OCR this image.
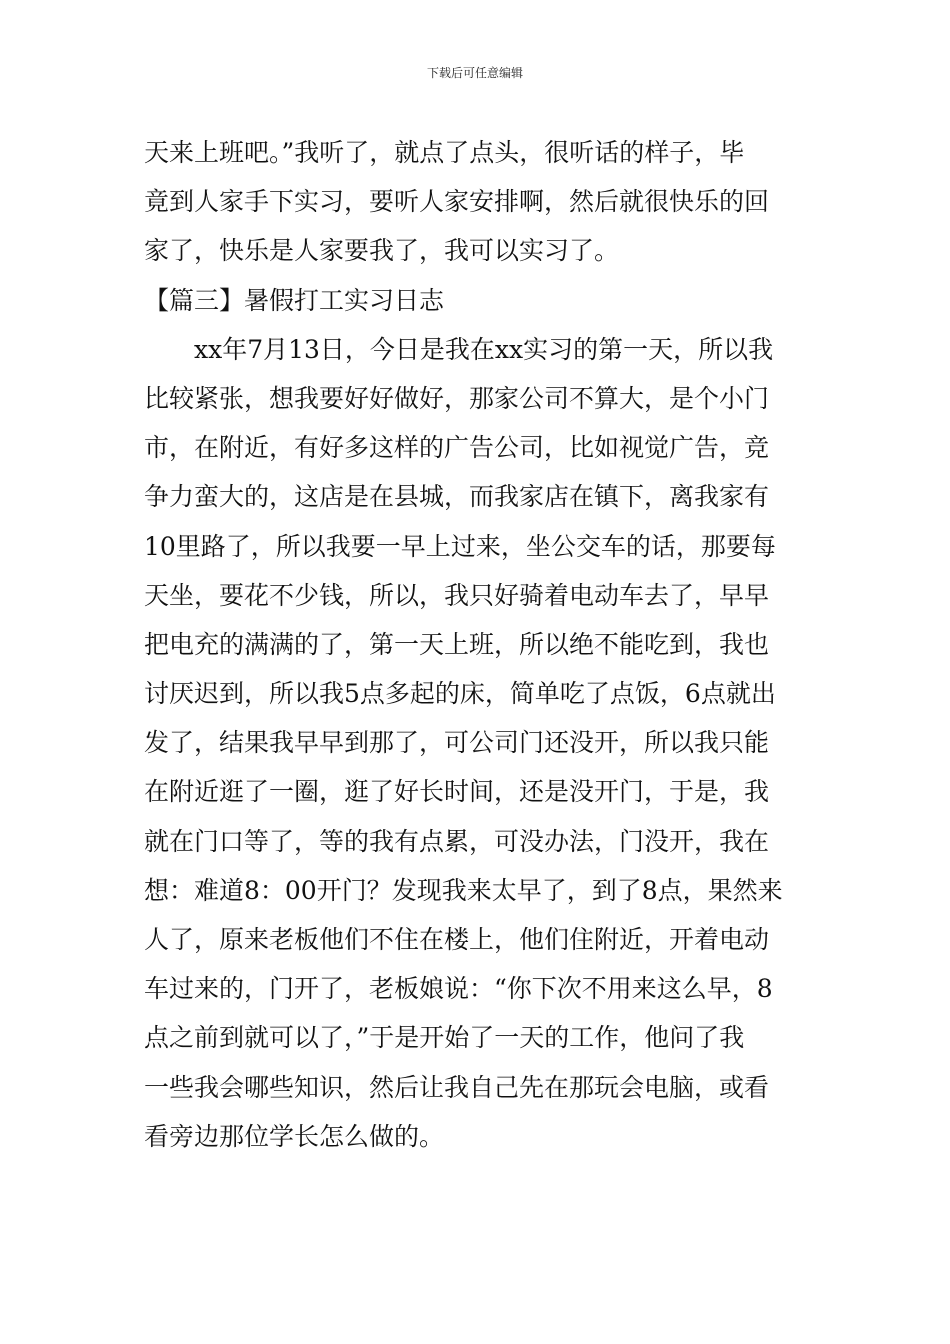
下载后可任意编辑
天来上班吧。”我听了，就点了点头，很听话的样子，毕
竟到人家手下实习，要听人家安排啊，然后就很快乐的回
家了，快乐是人家要我了，我可以实习了。
【篇三】暑假打工实习日志
xx年7月13日，今日是我在xx实习的第一天，所以我
比较紧张，想我要好好做好，那家公司不算大，是个小门
市，在附近，有好多这样的广告公司，比如视觉广告，竞
争力蛮大的，这店是在县城，而我家店在镇下，离我家有
10里路了，所以我要一早上过来，坐公交车的话，那要每
天坐，要花不少钱，所以，我只好骑着电动车去了，早早
把电充的满满的了，第一天上班，所以绝不能吃到，我也
讨厌迟到，所以我5点多起的床，简单吃了点饭，6点就出
发了，结果我早早到那了，可公司门还没开，所以我只能
在附近逛了一圈，逛了好长时间，还是没开门，于是，我
就在门口等了，等的我有点累，可没办法，门没开，我在
想：难道8：00开门？发现我来太早了，到了8点，果然来
人了，原来老板他们不住在楼上，他们住附近，开着电动
车过来的，门开了，老板娘说：“你下次不用来这么早，8
点之前到就可以了，”于是开始了一天的工作，他问了我
一些我会哪些知识，然后让我自己先在那玩会电脑，或看
看旁边那位学长怎么做的。
